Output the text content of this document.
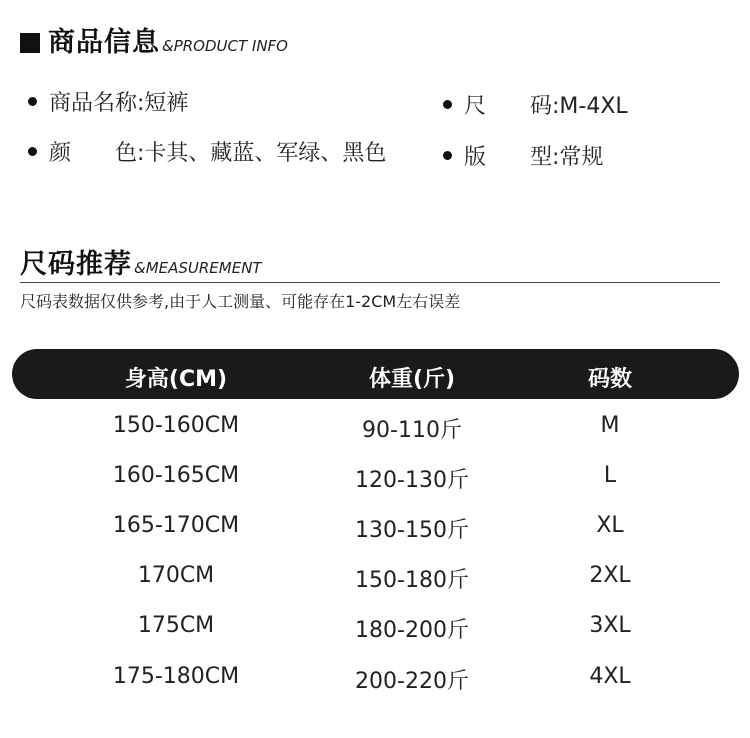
商品信息 &PRODUCT INFO
商品名称:短裤	尺　　码:M-4XL
颜　　色:卡其、藏蓝、军绿、黑色	版　　型:常规
尺码推荐 &MEASUREMENT
尺码表数据仅供参考,由于人工测量、可能存在1-2CM左右误差
身高(CM)	体重(斤)	码数
150-160CM	90-110斤	M
160-165CM	120-130斤	L
165-170CM	130-150斤	XL
170CM	150-180斤	2XL
175CM	180-200斤	3XL
175-180CM	200-220斤	4XL
